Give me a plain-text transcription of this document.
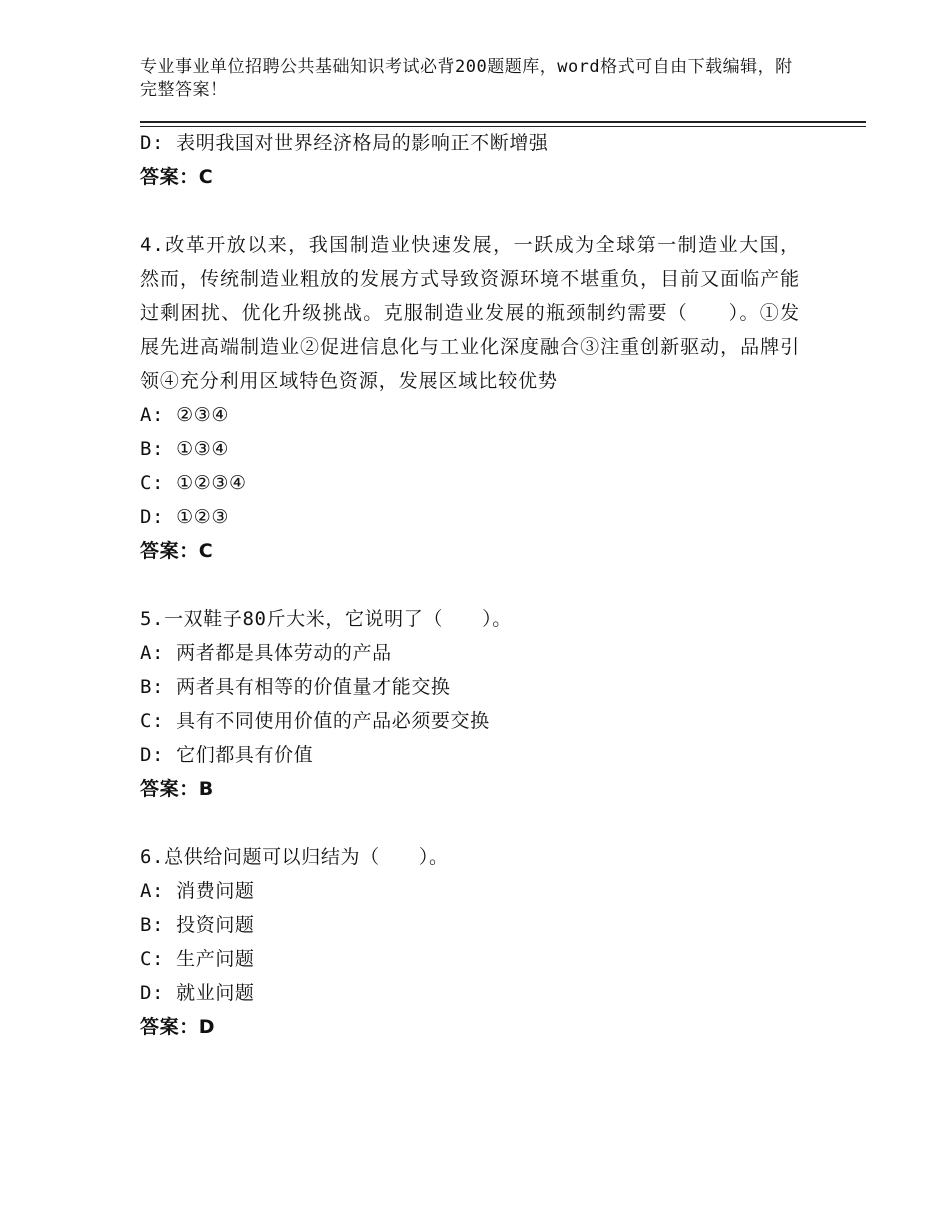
专业事业单位招聘公共基础知识考试必背200题题库，word格式可自由下载编辑，附完整答案！
D: 表明我国对世界经济格局的影响正不断增强
答案：C
4.改革开放以来，我国制造业快速发展，一跃成为全球第一制造业大国，然而，传统制造业粗放的发展方式导致资源环境不堪重负，目前又面临产能过剩困扰、优化升级挑战。克服制造业发展的瓶颈制约需要（　　）。①发展先进高端制造业②促进信息化与工业化深度融合③注重创新驱动，品牌引领④充分利用区域特色资源，发展区域比较优势
A: ②③④
B: ①③④
C: ①②③④
D: ①②③
答案：C
5.一双鞋子80斤大米，它说明了（　　）。
A: 两者都是具体劳动的产品
B: 两者具有相等的价值量才能交换
C: 具有不同使用价值的产品必须要交换
D: 它们都具有价值
答案：B
6.总供给问题可以归结为（　　）。
A: 消费问题
B: 投资问题
C: 生产问题
D: 就业问题
答案：D
